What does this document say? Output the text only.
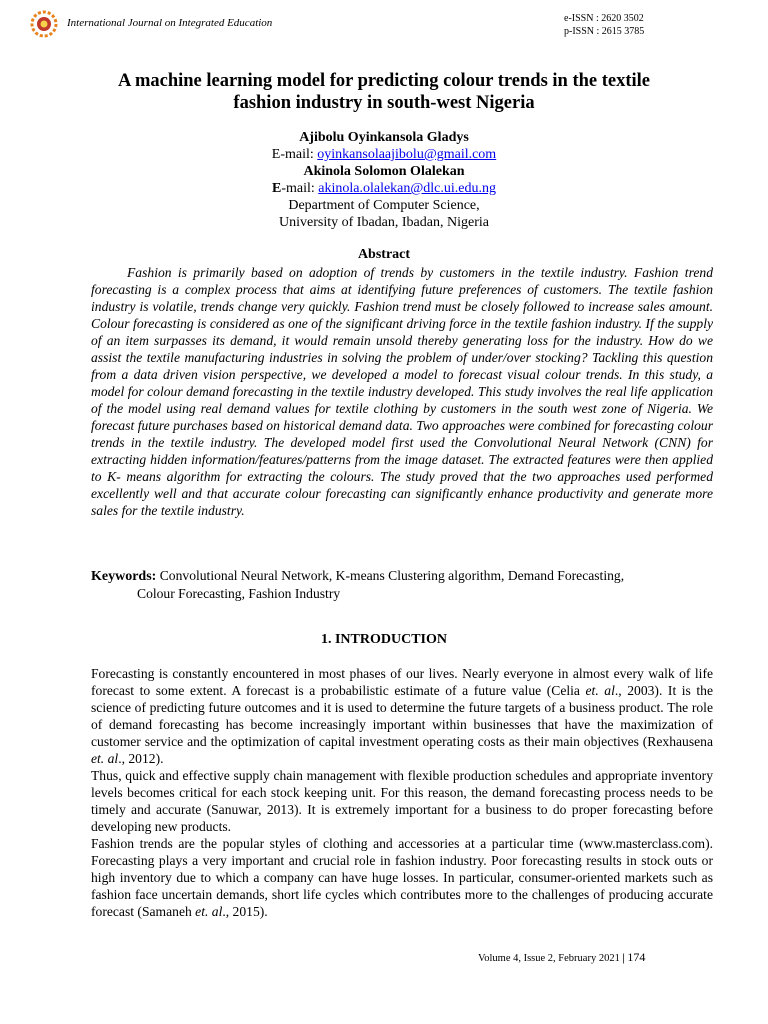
International Journal on Integrated Education	e-ISSN : 2620 3502
p-ISSN : 2615 3785
A machine learning model for predicting colour trends in the textile
fashion industry in south-west Nigeria
Ajibolu Oyinkansola Gladys
E-mail: oyinkansolaajibolu@gmail.com
Akinola Solomon Olalekan
E-mail: akinola.olalekan@dlc.ui.edu.ng
Department of Computer Science,
University of Ibadan, Ibadan, Nigeria
Abstract
Fashion is primarily based on adoption of trends by customers in the textile industry. Fashion trend forecasting is a complex process that aims at identifying future preferences of customers. The textile fashion industry is volatile, trends change very quickly. Fashion trend must be closely followed to increase sales amount. Colour forecasting is considered as one of the significant driving force in the textile fashion industry. If the supply of an item surpasses its demand, it would remain unsold thereby generating loss for the industry. How do we assist the textile manufacturing industries in solving the problem of under/over stocking? Tackling this question from a data driven vision perspective, we developed a model to forecast visual colour trends. In this study, a model for colour demand forecasting in the textile industry developed. This study involves the real life application of the model using real demand values for textile clothing by customers in the south west zone of Nigeria. We forecast future purchases based on historical demand data. Two approaches were combined for forecasting colour trends in the textile industry. The developed model first used the Convolutional Neural Network (CNN) for extracting hidden information/features/patterns from the image dataset. The extracted features were then applied to K- means algorithm for extracting the colours. The study proved that the two approaches used performed excellently well and that accurate colour forecasting can significantly enhance productivity and generate more sales for the textile industry.
Keywords: Convolutional Neural Network, K-means Clustering algorithm, Demand Forecasting,
Colour Forecasting, Fashion Industry
1. INTRODUCTION

Forecasting is constantly encountered in most phases of our lives. Nearly everyone in almost every walk of life forecast to some extent. A forecast is a probabilistic estimate of a future value (Celia et. al., 2003). It is the science of predicting future outcomes and it is used to determine the future targets of a business product. The role of demand forecasting has become increasingly important within businesses that have the maximization of customer service and the optimization of capital investment operating costs as their main objectives (Rexhausena et. al., 2012).

Thus, quick and effective supply chain management with flexible production schedules and appropriate inventory levels becomes critical for each stock keeping unit. For this reason, the demand forecasting process needs to be timely and accurate (Sanuwar, 2013). It is extremely important for a business to do proper forecasting before developing new products.

Fashion trends are the popular styles of clothing and accessories at a particular time (www.masterclass.com). Forecasting plays a very important and crucial role in fashion industry. Poor forecasting results in stock outs or high inventory due to which a company can have huge losses. In particular, consumer-oriented markets such as fashion face uncertain demands, short life cycles which contributes more to the challenges of producing accurate forecast (Samaneh et. al., 2015).

Volume 4, Issue 2, February 2021 | 174
